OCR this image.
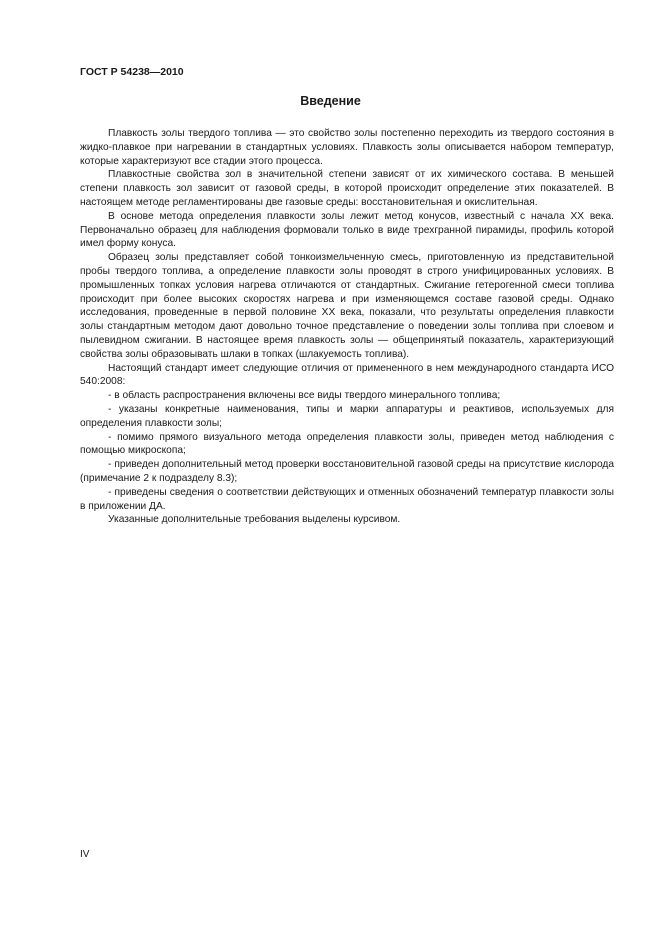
ГОСТ Р 54238—2010
Введение

Плавкость золы твердого топлива — это свойство золы постепенно переходить из твердого состояния в жидко-плавкое при нагревании в стандартных условиях. Плавкость золы описывается набором температур, которые характеризуют все стадии этого процесса.

Плавкостные свойства зол в значительной степени зависят от их химического состава. В меньшей степени плавкость зол зависит от газовой среды, в которой происходит определение этих показателей. В настоящем методе регламентированы две газовые среды: восстановительная и окислительная.

В основе метода определения плавкости золы лежит метод конусов, известный с начала XX века. Первоначально образец для наблюдения формовали только в виде трехгранной пирамиды, профиль которой имел форму конуса.

Образец золы представляет собой тонкоизмельченную смесь, приготовленную из представительной пробы твердого топлива, а определение плавкости золы проводят в строго унифицированных условиях. В промышленных топках условия нагрева отличаются от стандартных. Сжигание гетерогенной смеси топлива происходит при более высоких скоростях нагрева и при изменяющемся составе газовой среды. Однако исследования, проведенные в первой половине XX века, показали, что результаты определения плавкости золы стандартным методом дают довольно точное представление о поведении золы топлива при слоевом и пылевидном сжигании. В настоящее время плавкость золы — общепринятый показатель, характеризующий свойства золы образовывать шлаки в топках (шлакуемость топлива).

Настоящий стандарт имеет следующие отличия от примененного в нем международного стандарта ИСО 540:2008:

- в область распространения включены все виды твердого минерального топлива;

- указаны конкретные наименования, типы и марки аппаратуры и реактивов, используемых для определения плавкости золы;

- помимо прямого визуального метода определения плавкости золы, приведен метод наблюдения с помощью микроскопа;

- приведен дополнительный метод проверки восстановительной газовой среды на присутствие кислорода (примечание 2 к подразделу 8.3);

- приведены сведения о соответствии действующих и отменных обозначений температур плавкости золы в приложении ДА.

Указанные дополнительные требования выделены курсивом.

IV
